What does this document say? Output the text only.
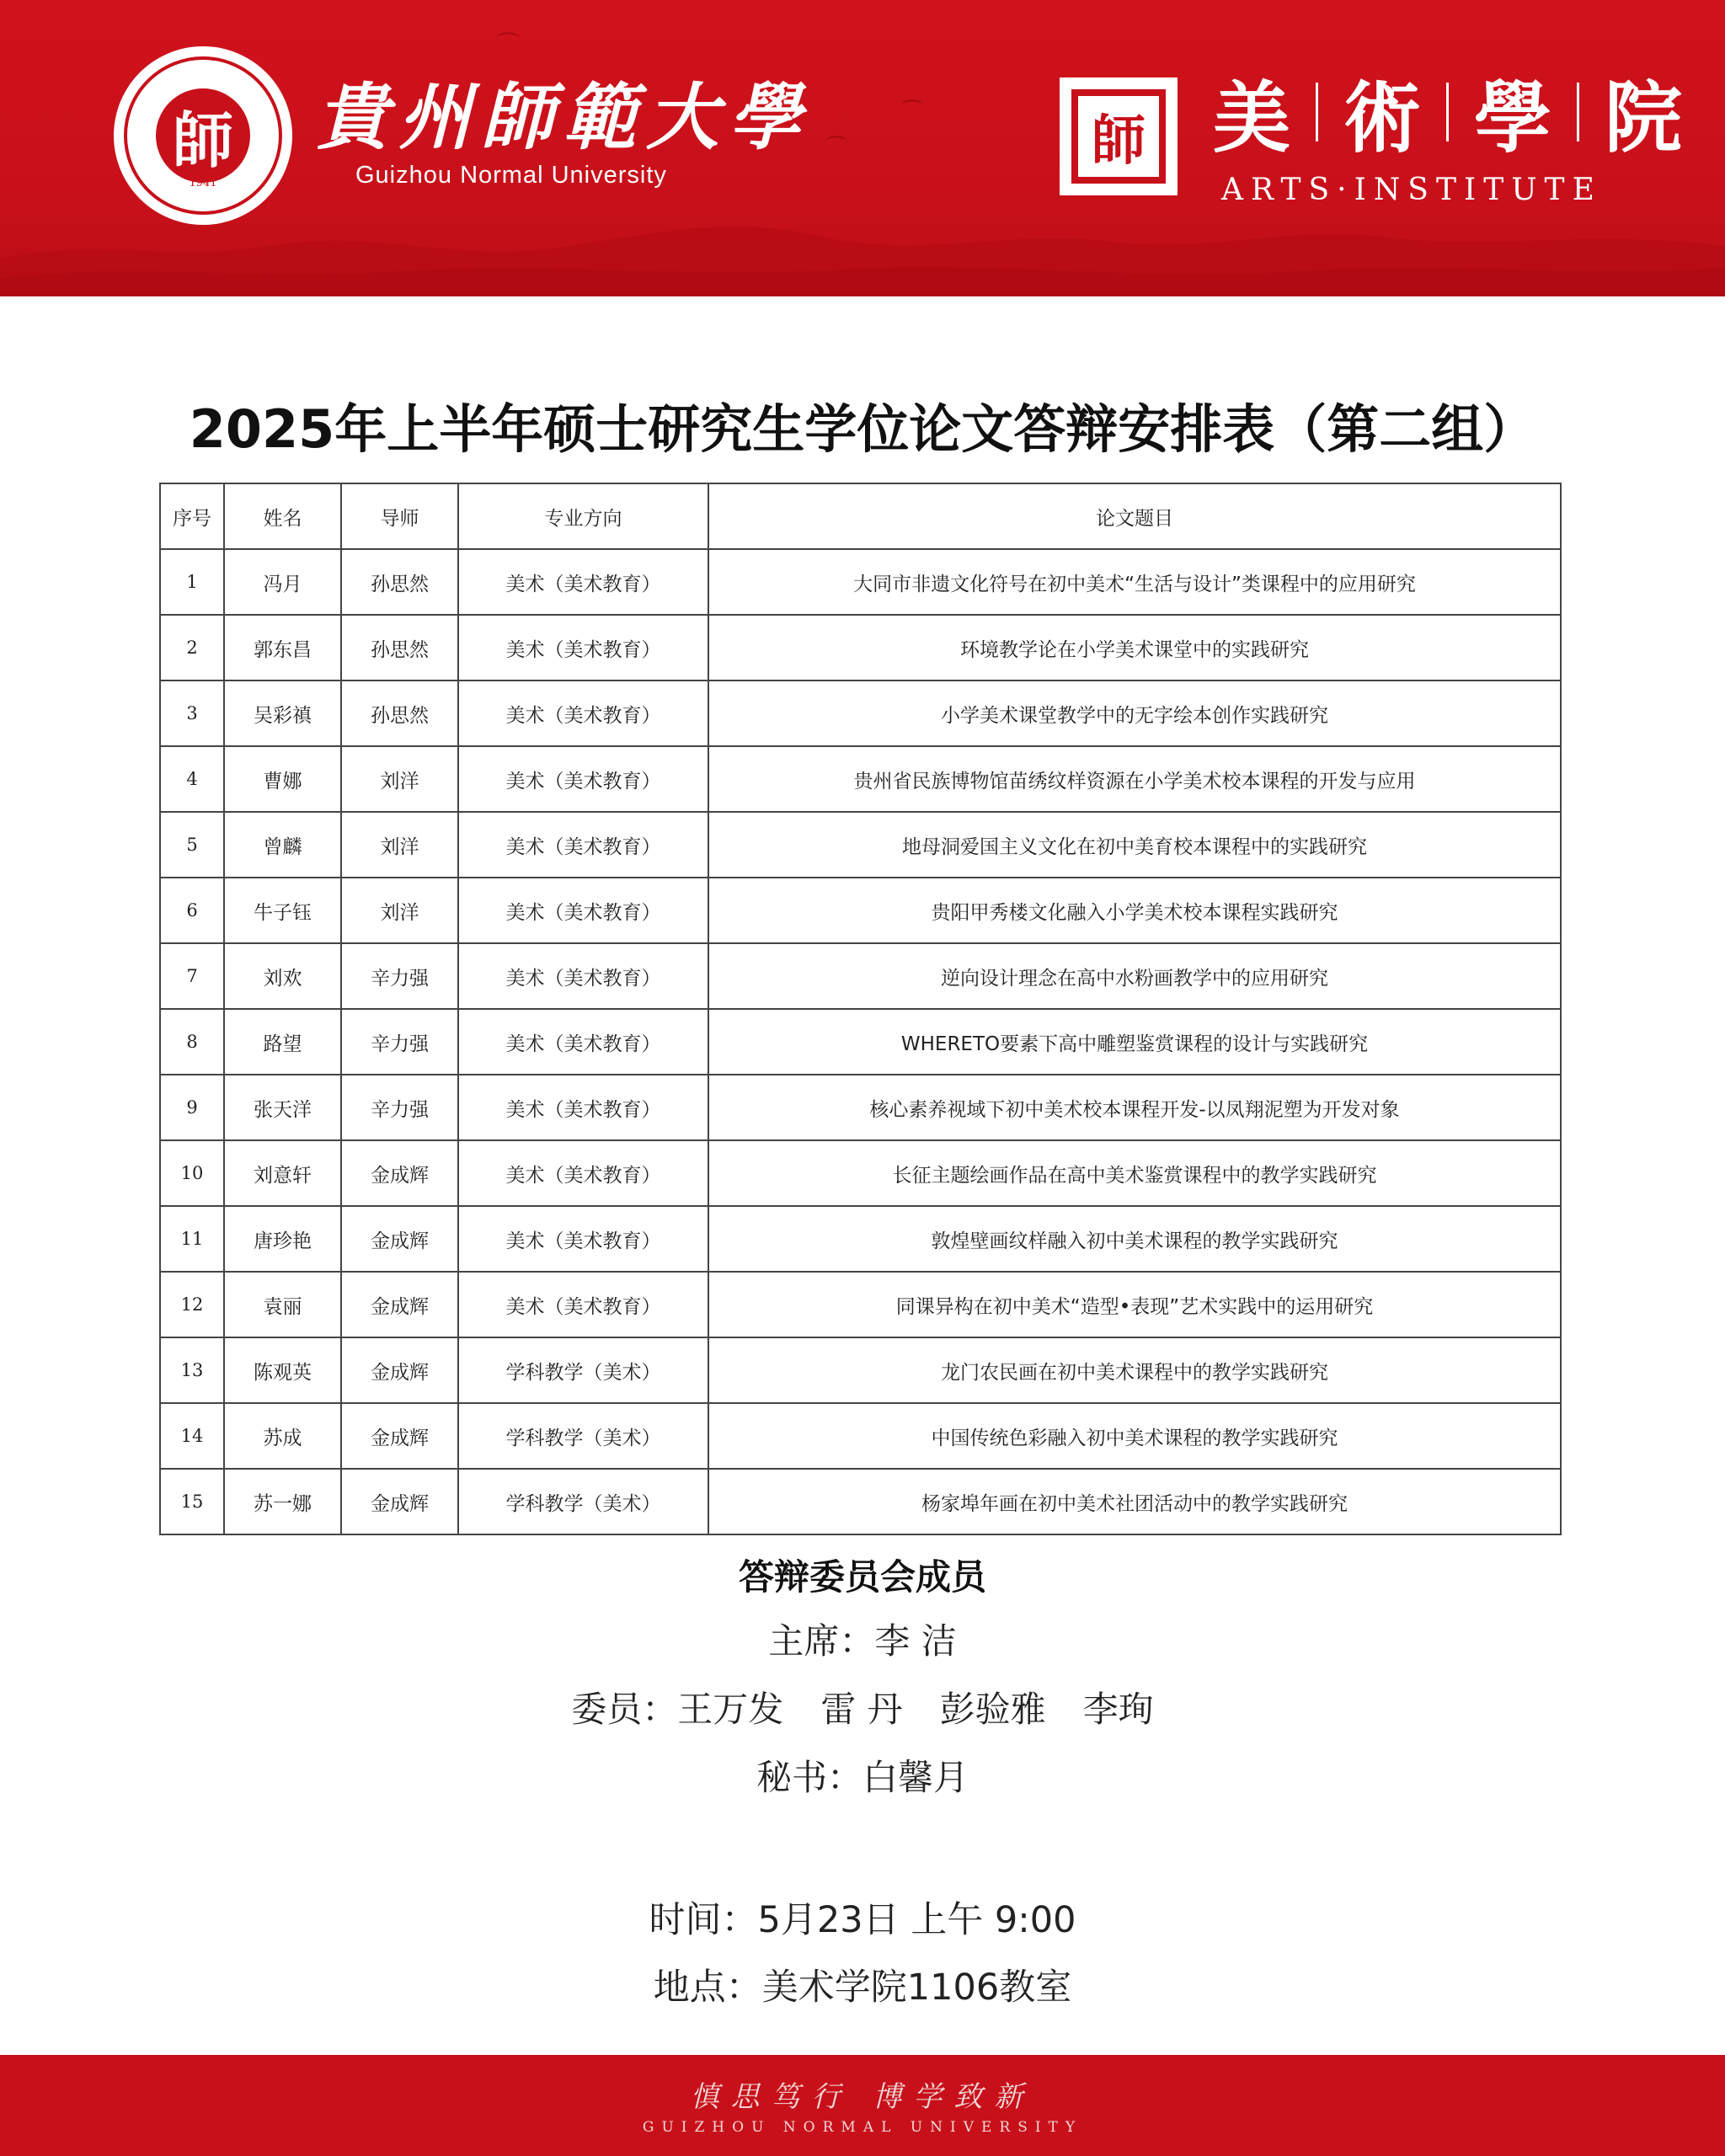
⌒
⌒
⌒
師
1941
貴州師範大學
Guizhou Normal University
師 美 術 學 院
ARTS·INSTITUTE
2025年上半年硕士研究生学位论文答辩安排表（第二组）
序号	姓名	导师	专业方向	论文题目
1	冯月	孙思然	美术（美术教育）	大同市非遗文化符号在初中美术“生活与设计”类课程中的应用研究
2	郭东昌	孙思然	美术（美术教育）	环境教学论在小学美术课堂中的实践研究
3	吴彩禛	孙思然	美术（美术教育）	小学美术课堂教学中的无字绘本创作实践研究
4	曹娜	刘洋	美术（美术教育）	贵州省民族博物馆苗绣纹样资源在小学美术校本课程的开发与应用
5	曾麟	刘洋	美术（美术教育）	地母洞爱国主义文化在初中美育校本课程中的实践研究
6	牛子钰	刘洋	美术（美术教育）	贵阳甲秀楼文化融入小学美术校本课程实践研究
7	刘欢	辛力强	美术（美术教育）	逆向设计理念在高中水粉画教学中的应用研究
8	路望	辛力强	美术（美术教育）	WHERETO要素下高中雕塑鉴赏课程的设计与实践研究
9	张天洋	辛力强	美术（美术教育）	核心素养视域下初中美术校本课程开发-以凤翔泥塑为开发对象
10	刘意轩	金成辉	美术（美术教育）	长征主题绘画作品在高中美术鉴赏课程中的教学实践研究
11	唐珍艳	金成辉	美术（美术教育）	敦煌壁画纹样融入初中美术课程的教学实践研究
12	袁丽	金成辉	美术（美术教育）	同课异构在初中美术“造型•表现”艺术实践中的运用研究
13	陈观英	金成辉	学科教学（美术）	龙门农民画在初中美术课程中的教学实践研究
14	苏成	金成辉	学科教学（美术）	中国传统色彩融入初中美术课程的教学实践研究
15	苏一娜	金成辉	学科教学（美术）	杨家埠年画在初中美术社团活动中的教学实践研究
答辩委员会成员
主席：李 洁
委员：王万发 雷 丹 彭验雅 李珣
秘书：白馨月
时间：5月23日 上午 9:00
地点：美术学院1106教室
慎思笃行 博学致新
GUIZHOU NORMAL UNIVERSITY
